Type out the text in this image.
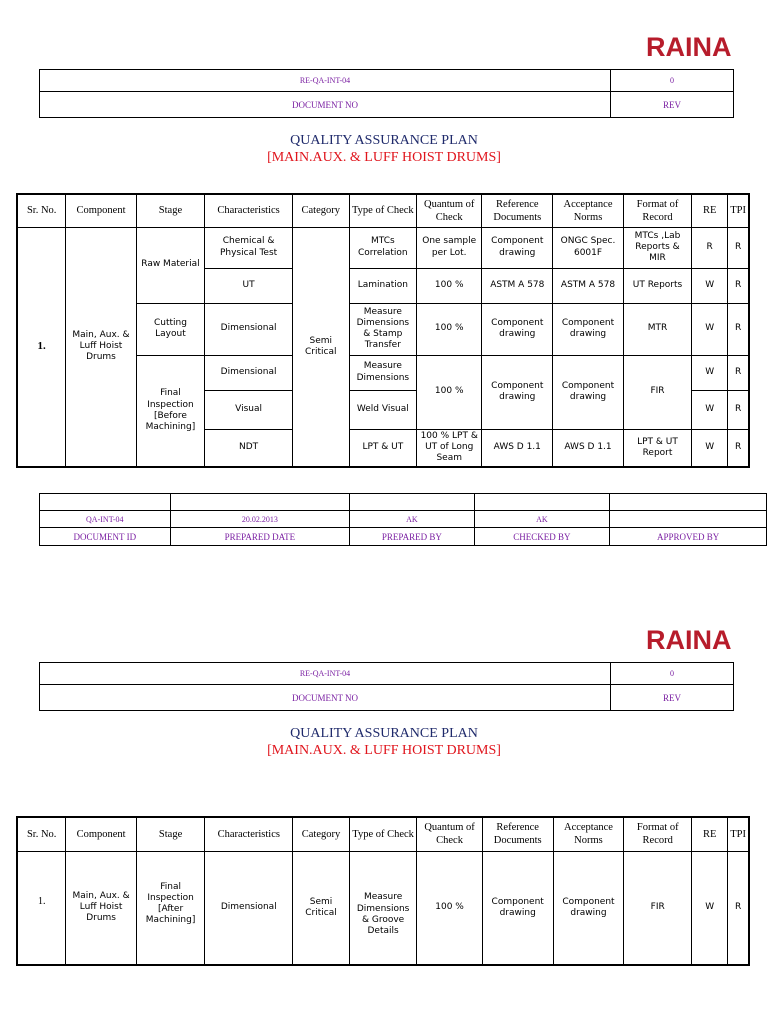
RAINA
RE-QA-INT-04	0
DOCUMENT NO	REV
QUALITY ASSURANCE PLAN
[MAIN.AUX. & LUFF HOIST DRUMS]
Sr. No.	Component	Stage	Characteristics	Category	Type of Check	Quantum of Check	Reference Documents	Acceptance Norms	Format of Record	RE	TPI
1.	Main, Aux. & Luff Hoist Drums	Raw Material	Chemical & Physical Test	Semi Critical	MTCs Correlation	One sample per Lot.	Component drawing	ONGC Spec. 6001F	MTCs ,Lab Reports & MIR	R	R
			UT		Lamination	100 %	ASTM A 578	ASTM A 578	UT Reports	W	R
		Cutting Layout	Dimensional		Measure Dimensions & Stamp Transfer	100 %	Component drawing	Component drawing	MTR	W	R
		Final Inspection [Before Machining]	Dimensional		Measure Dimensions	100 %	Component drawing	Component drawing	FIR	W	R
			Visual		Weld Visual					W	R
			NDT		LPT & UT	100 % LPT & UT of Long Seam	AWS D 1.1	AWS D 1.1	LPT & UT Report	W	R

QA-INT-04	20.02.2013	AK	AK	
DOCUMENT ID	PREPARED DATE	PREPARED BY	CHECKED BY	APPROVED BY
RAINA
RE-QA-INT-04	0
DOCUMENT NO	REV
QUALITY ASSURANCE PLAN
[MAIN.AUX. & LUFF HOIST DRUMS]
Sr. No.	Component	Stage	Characteristics	Category	Type of Check	Quantum of Check	Reference Documents	Acceptance Norms	Format of Record	RE	TPI
1.	Main, Aux. & Luff Hoist Drums	Final Inspection [After Machining]	Dimensional	Semi Critical	Measure Dimensions & Groove Details	100 %	Component drawing	Component drawing	FIR	W	R
